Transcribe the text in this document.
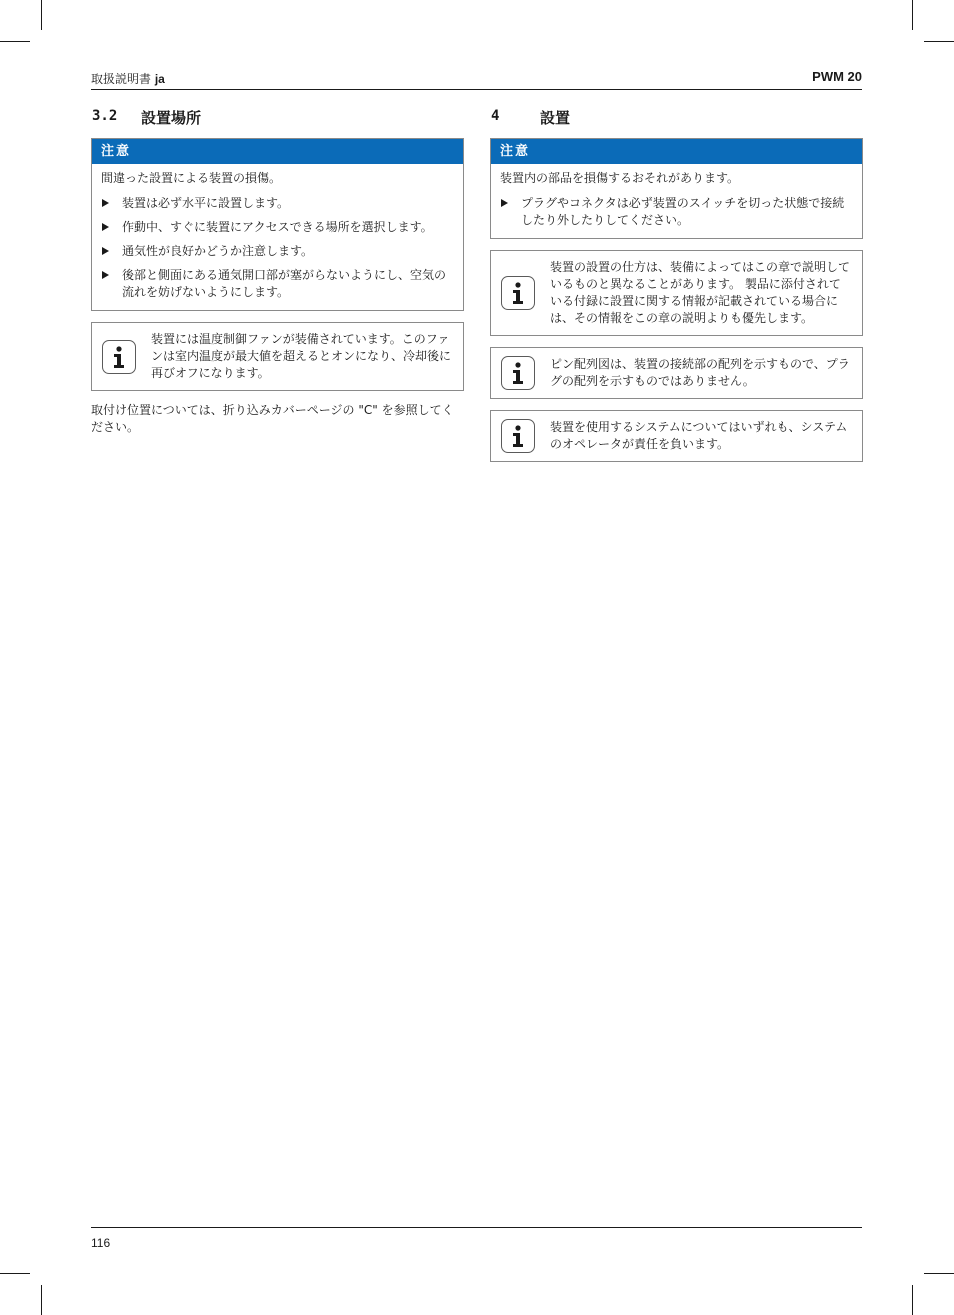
取扱説明書 ja	PWM 20
3.2 設置場所
注意

間違った設置による装置の損傷。

装置は必ず水平に設置します。
作動中、すぐに装置にアクセスできる場所を選択します。
通気性が良好かどうか注意します。
後部と側面にある通気開口部が塞がらないようにし、空気の流れを妨げないようにします。
装置には温度制御ファンが装備されています。このファンは室内温度が最大値を超えるとオンになり、冷却後に再びオフになります。

取付け位置については、折り込みカバーページの "C" を参照してください。

4	設置
注意

装置内の部品を損傷するおそれがあります。

プラグやコネクタは必ず装置のスイッチを切った状態で接続したり外したりしてください。
装置の設置の仕方は、装備によってはこの章で説明しているものと異なることがあります。 製品に添付されている付録に設置に関する情報が記載されている場合には、その情報をこの章の説明よりも優先します。
ピン配列図は、装置の接続部の配列を示すもので、プラグの配列を示すものではありません。
装置を使用するシステムについてはいずれも、システムのオペレータが責任を負います。
116
